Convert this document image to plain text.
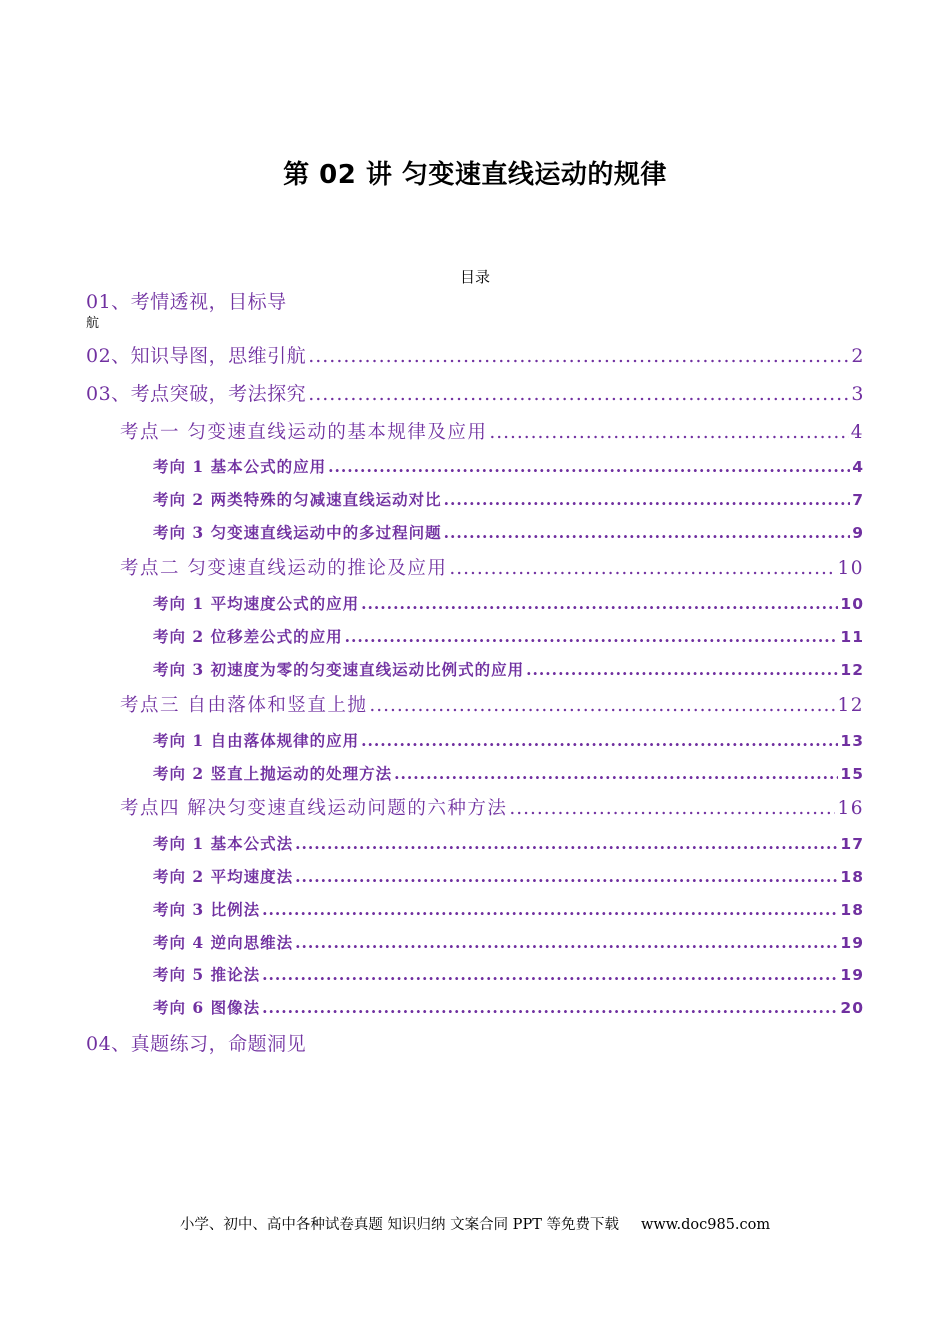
第 02 讲 匀变速直线运动的规律
目录
航
01、考情透视，目标导
02、知识导图，思维引航 .....	2
03、考点突破，考法探究 .....	3
考点一 匀变速直线运动的基本规律及应用 .....	4
考向 1 基本公式的应用 .....	4
考向 2 两类特殊的匀减速直线运动对比 .....	7
考向 3 匀变速直线运动中的多过程问题 .....	9
考点二 匀变速直线运动的推论及应用 .....	10
考向 1 平均速度公式的应用 .....	10
考向 2 位移差公式的应用 .....	11
考向 3 初速度为零的匀变速直线运动比例式的应用 .....	12
考点三 自由落体和竖直上抛 .....	12
考向 1 自由落体规律的应用 .....	13
考向 2 竖直上抛运动的处理方法 .....	15
考点四 解决匀变速直线运动问题的六种方法 .....	16
考向 1 基本公式法 .....	17
考向 2 平均速度法 .....	18
考向 3 比例法 .....	18
考向 4 逆向思维法 .....	19
考向 5 推论法 .....	19
考向 6 图像法 .....	20
04、真题练习，命题洞见
小学、初中、高中各种试卷真题 知识归纳 文案合同 PPT 等免费下载 www.doc985.com
